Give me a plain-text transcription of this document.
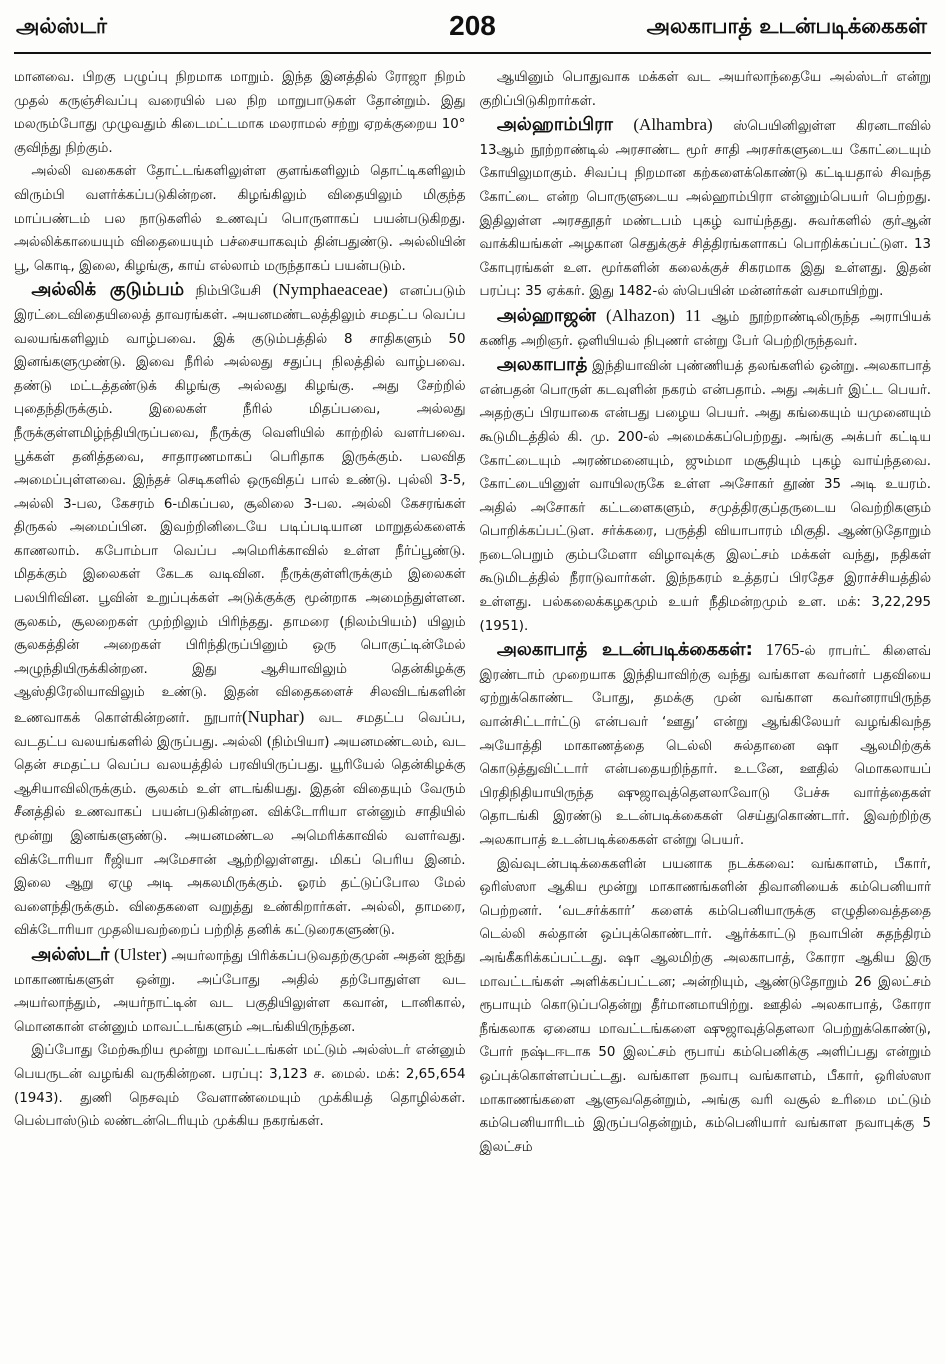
அல்ஸ்டர்	208	அலகாபாத் உடன்படிக்கைகள்

மானவை. பிறகு பழுப்பு நிறமாக மாறும். இந்த இனத்தில் ரோஜா நிறம் முதல் கருஞ்சிவப்பு வரையில் பல நிற மாறுபாடுகள் தோன்றும். இது மலரும்போது முழுவதும் கிடைமட்டமாக மலராமல் சற்று ஏறக்குறைய 10° குவிந்து நிற்கும்.

அல்லி வகைகள் தோட்டங்களிலுள்ள குளங்களிலும் தொட்டிகளிலும் விரும்பி வளர்க்கப்படுகின்றன. கிழங்கிலும் விதையிலும் மிகுந்த மாப்பண்டம் பல நாடுகளில் உணவுப் பொருளாகப் பயன்படுகிறது. அல்லிக்காயையும் விதையையும் பச்சையாகவும் தின்பதுண்டு. அல்லியின் பூ, கொடி, இலை, கிழங்கு, காய் எல்லாம் மருந்தாகப் பயன்படும்.

அல்லிக் குடும்பம் நிம்பியேசி (Nymphaeaceae) எனப்படும் இரட்டைவிதையிலைத் தாவரங்கள். அயனமண்டலத்திலும் சமதட்ப வெப்ப வலயங்களிலும் வாழ்பவை. இக் குடும்பத்தில் 8 சாதிகளும் 50 இனங்களுமுண்டு. இவை நீரில் அல்லது சதுப்பு நிலத்தில் வாழ்பவை. தண்டு மட்டத்தண்டுக் கிழங்கு அல்லது கிழங்கு. அது சேற்றில் புதைந்திருக்கும். இலைகள் நீரில் மிதப்பவை, அல்லது நீருக்குள்ளமிழ்ந்தியிருப்பவை, நீருக்கு வெளியில் காற்றில் வளர்பவை. பூக்கள் தனித்தவை, சாதாரணமாகப் பெரிதாக இருக்கும். பலவித அமைப்புள்ளவை. இந்தச் செடிகளில் ஒருவிதப் பால் உண்டு. புல்லி 3-5, அல்லி 3-பல, கேசரம் 6-மிகப்பல, சூலிலை 3-பல. அல்லி கேசரங்கள் திருகல் அமைப்பின. இவற்றினிடையே படிப்படியான மாறுதல்களைக் காணலாம். கபோம்பா வெப்ப அமெரிக்காவில் உள்ள நீர்ப்பூண்டு. மிதக்கும் இலைகள் கேடக வடிவின. நீருக்குள்ளிருக்கும் இலைகள் பலபிரிவின. பூவின் உறுப்புக்கள் அடுக்குக்கு மூன்றாக அமைந்துள்ளன. சூலகம், சூலறைகள் முற்றிலும் பிரிந்தது. தாமரை (நிலம்பியம்) யிலும் சூலகத்தின் அறைகள் பிரிந்திருப்பினும் ஒரு பொகுட்டின்மேல் அழுந்தியிருக்கின்றன. இது ஆசியாவிலும் தென்கிழக்கு ஆஸ்திரேலியாவிலும் உண்டு. இதன் விதைகளைச் சிலவிடங்களின் உணவாகக் கொள்கின்றனர். நூபார்(Nuphar) வட சமதட்ப வெப்ப, வடதட்ப வலயங்களில் இருப்பது. அல்லி (நிம்பியா) அயனமண்டலம், வட தென் சமதட்ப வெப்ப வலயத்தில் பரவியிருப்பது. யூரியேல் தென்கிழக்கு ஆசியாவிலிருக்கும். சூலகம் உள் ளடங்கியது. இதன் விதையும் வேரும் சீனத்தில் உணவாகப் பயன்படுகின்றன. விக்டோரியா என்னும் சாதியில் மூன்று இனங்களுண்டு. அயனமண்டல அமெரிக்காவில் வளர்வது. விக்டோரியா ரீஜியா அமேசான் ஆற்றிலுள்ளது. மிகப் பெரிய இனம். இலை ஆறு ஏழு அடி அகலமிருக்கும். ஓரம் தட்டுப்போல மேல் வளைந்திருக்கும். விதைகளை வறுத்து உண்கிறார்கள். அல்லி, தாமரை, விக்டோரியா முதலியவற்றைப் பற்றித் தனிக் கட்டுரைகளுண்டு.

அல்ஸ்டர் (Ulster) அயர்லாந்து பிரிக்கப்படுவதற்குமுன் அதன் ஐந்து மாகாணங்களுள் ஒன்று. அப்போது அதில் தற்போதுள்ள வட அயர்லாந்தும், அயர்நாட்டின் வட பகுதியிலுள்ள கவான், டானிகால், மொனகான் என்னும் மாவட்டங்களும் அடங்கியிருந்தன.

இப்போது மேற்கூறிய மூன்று மாவட்டங்கள் மட்டும் அல்ஸ்டர் என்னும் பெயருடன் வழங்கி வருகின்றன. பரப்பு: 3,123 ச. மைல். மக்: 2,65,654 (1943). துணி நெசவும் வேளாண்மையும் முக்கியத் தொழில்கள். பெல்பாஸ்டும் லண்டன்டெரியும் முக்கிய நகரங்கள்.

ஆயினும் பொதுவாக மக்கள் வட அயர்லாந்தையே அல்ஸ்டர் என்று குறிப்பிடுகிறார்கள்.

அல்ஹாம்பிரா (Alhambra) ஸ்பெயினிலுள்ள கிரனடாவில் 13ஆம் நூற்றாண்டில் அரசாண்ட மூர் சாதி அரசர்களுடைய கோட்டையும் கோயிலுமாகும். சிவப்பு நிறமான கற்களைக்கொண்டு கட்டியதால் சிவந்த கோட்டை என்ற பொருளுடைய அல்ஹாம்பிரா என்னும்பெயர் பெற்றது. இதிலுள்ள அரசதூதர் மண்டபம் புகழ் வாய்ந்தது. சுவர்களில் குர்ஆன் வாக்கியங்கள் அழகான செதுக்குச் சித்திரங்களாகப் பொறிக்கப்பட்டுள. 13 கோபுரங்கள் உள. மூர்களின் கலைக்குச் சிகரமாக இது உள்ளது. இதன் பரப்பு: 35 ஏக்கர். இது 1482-ல் ஸ்பெயின் மன்னர்கள் வசமாயிற்று.

அல்ஹாஜன் (Alhazon) 11 ஆம் நூற்றாண்டிலிருந்த அராபியக் கணித அறிஞர். ஒளியியல் நிபுணர் என்று பேர் பெற்றிருந்தவர்.

அலகாபாத் இந்தியாவின் புண்ணியத் தலங்களில் ஒன்று. அலகாபாத் என்பதன் பொருள் கடவுளின் நகரம் என்பதாம். அது அக்பர் இட்ட பெயர். அதற்குப் பிரயாகை என்பது பழைய பெயர். அது கங்கையும் யமுனையும் கூடுமிடத்தில் கி. மு. 200-ல் அமைக்கப்பெற்றது. அங்கு அக்பர் கட்டிய கோட்டையும் அரண்மனையும், ஜும்மா மசூதியும் புகழ் வாய்ந்தவை. கோட்டையினுள் வாயிலருகே உள்ள அசோகர் தூண் 35 அடி உயரம். அதில் அசோகர் கட்டளைகளும், சமுத்திரகுப்தருடைய வெற்றிகளும் பொறிக்கப்பட்டுள. சர்க்கரை, பருத்தி வியாபாரம் மிகுதி. ஆண்டுதோறும் நடைபெறும் கும்பமேளா விழாவுக்கு இலட்சம் மக்கள் வந்து, நதிகள் கூடுமிடத்தில் நீராடுவார்கள். இந்நகரம் உத்தரப் பிரதேச இராச்சியத்தில் உள்ளது. பல்கலைக்கழகமும் உயர் நீதிமன்றமும் உள. மக்: 3,22,295 (1951).

அலகாபாத் உடன்படிக்கைகள்: 1765-ல் ராபர்ட் கிளைவ் இரண்டாம் முறையாக இந்தியாவிற்கு வந்து வங்காள கவர்னர் பதவியை ஏற்றுக்கொண்ட போது, தமக்கு முன் வங்காள கவர்னராயிருந்த வான்சிட்டார்ட்டு என்பவர் ‘ஊது’ என்று ஆங்கிலேயர் வழங்கிவந்த அயோத்தி மாகாணத்தை டெல்லி சுல்தானை ஷா ஆலமிற்குக் கொடுத்துவிட்டார் என்பதையறிந்தார். உடனே, ஊதில் மொகலாயப் பிரதிநிதியாயிருந்த ஷுஜாவுத்தௌலாவோடு பேச்சு வார்த்தைகள் தொடங்கி இரண்டு உடன்படிக்கைகள் செய்துகொண்டார். இவற்றிற்கு அலகாபாத் உடன்படிக்கைகள் என்று பெயர்.

இவ்வுடன்படிக்கைகளின் பயனாக நடக்கவை: வங்காளம், பீகார், ஒரிஸ்ஸா ஆகிய மூன்று மாகாணங்களின் திவானியைக் கம்பெனியார் பெற்றனர். ‘வடசர்க்கார்’ களைக் கம்பெனியாருக்கு எழுதிவைத்ததை டெல்லி சுல்தான் ஒப்புக்கொண்டார். ஆர்க்காட்டு நவாபின் சுதந்திரம் அங்கீகரிக்கப்பட்டது. ஷா ஆலமிற்கு அலகாபாத், கோரா ஆகிய இரு மாவட்டங்கள் அளிக்கப்பட்டன; அன்றியும், ஆண்டுதோறும் 26 இலட்சம் ரூபாயும் கொடுப்பதென்று தீர்மானமாயிற்று. ஊதில் அலகாபாத், கோரா நீங்கலாக ஏனைய மாவட்டங்களை ஷுஜாவுத்தௌலா பெற்றுக்கொண்டு, போர் நஷ்டஈடாக 50 இலட்சம் ரூபாய் கம்பெனிக்கு அளிப்பது என்றும் ஒப்புக்கொள்ளப்பட்டது. வங்காள நவாபு வங்காளம், பீகார், ஒரிஸ்ஸா மாகாணங்களை ஆளுவதென்றும், அங்கு வரி வசூல் உரிமை மட்டும் கம்பெனியாரிடம் இருப்பதென்றும், கம்பெனியார் வங்காள நவாபுக்கு 5 இலட்சம்
